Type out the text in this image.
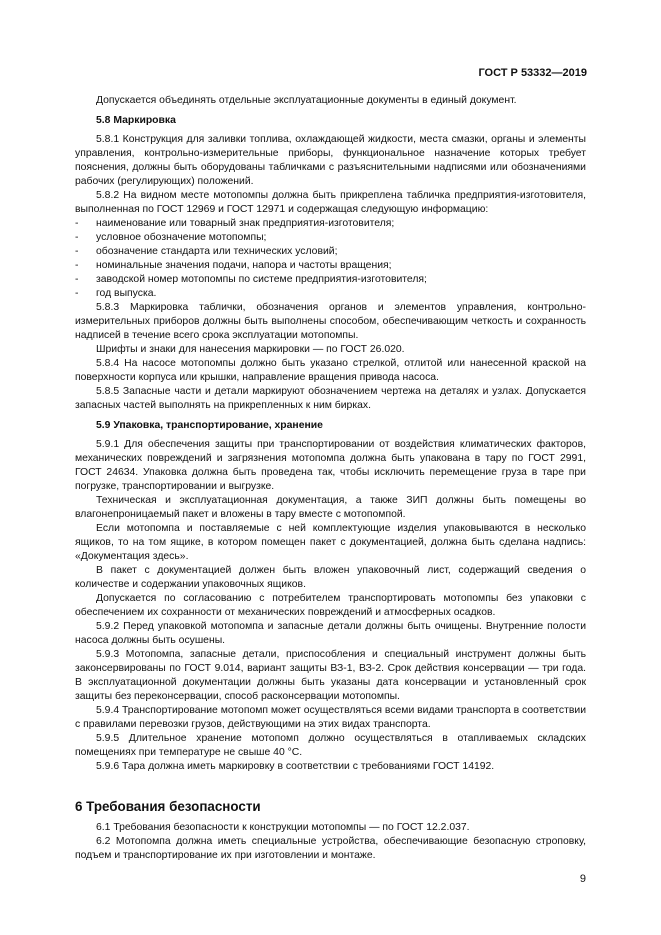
ГОСТ Р 53332—2019

Допускается объединять отдельные эксплуатационные документы в единый документ.

5.8 Маркировка

5.8.1 Конструкция для заливки топлива, охлаждающей жидкости, места смазки, органы и элементы управления, контрольно-измерительные приборы, функциональное назначение которых требует пояснения, должны быть оборудованы табличками с разъяснительными надписями или обозначениями рабочих (регулирующих) положений.

5.8.2 На видном месте мотопомпы должна быть прикреплена табличка предприятия-изготовителя, выполненная по ГОСТ 12969 и ГОСТ 12971 и содержащая следующую информацию:

- наименование или товарный знак предприятия-изготовителя;
- условное обозначение мотопомпы;
- обозначение стандарта или технических условий;
- номинальные значения подачи, напора и частоты вращения;
- заводской номер мотопомпы по системе предприятия-изготовителя;
- год выпуска.

5.8.3 Маркировка таблички, обозначения органов и элементов управления, контрольно-измерительных приборов должны быть выполнены способом, обеспечивающим четкость и сохранность надписей в течение всего срока эксплуатации мотопомпы.

Шрифты и знаки для нанесения маркировки — по ГОСТ 26.020.

5.8.4 На насосе мотопомпы должно быть указано стрелкой, отлитой или нанесенной краской на поверхности корпуса или крышки, направление вращения привода насоса.

5.8.5 Запасные части и детали маркируют обозначением чертежа на деталях и узлах. Допускается запасных частей выполнять на прикрепленных к ним бирках.

5.9 Упаковка, транспортирование, хранение

5.9.1 Для обеспечения защиты при транспортировании от воздействия климатических факторов, механических повреждений и загрязнения мотопомпа должна быть упакована в тару по ГОСТ 2991, ГОСТ 24634. Упаковка должна быть проведена так, чтобы исключить перемещение груза в таре при погрузке, транспортировании и выгрузке.

Техническая и эксплуатационная документация, а также ЗИП должны быть помещены во влагонепроницаемый пакет и вложены в тару вместе с мотопомпой.

Если мотопомпа и поставляемые с ней комплектующие изделия упаковываются в несколько ящиков, то на том ящике, в котором помещен пакет с документацией, должна быть сделана надпись: «Документация здесь».

В пакет с документацией должен быть вложен упаковочный лист, содержащий сведения о количестве и содержании упаковочных ящиков.

Допускается по согласованию с потребителем транспортировать мотопомпы без упаковки с обеспечением их сохранности от механических повреждений и атмосферных осадков.

5.9.2 Перед упаковкой мотопомпа и запасные детали должны быть очищены. Внутренние полости насоса должны быть осушены.

5.9.3 Мотопомпа, запасные детали, приспособления и специальный инструмент должны быть законсервированы по ГОСТ 9.014, вариант защиты ВЗ-1, ВЗ-2. Срок действия консервации — три года. В эксплуатационной документации должны быть указаны дата консервации и установленный срок защиты без переконсервации, способ расконсервации мотопомпы.

5.9.4 Транспортирование мотопомп может осуществляться всеми видами транспорта в соответствии с правилами перевозки грузов, действующими на этих видах транспорта.

5.9.5 Длительное хранение мотопомп должно осуществляться в отапливаемых складских помещениях при температуре не свыше 40 °С.

5.9.6 Тара должна иметь маркировку в соответствии с требованиями ГОСТ 14192.

6 Требования безопасности

6.1 Требования безопасности к конструкции мотопомпы — по ГОСТ 12.2.037.

6.2 Мотопомпа должна иметь специальные устройства, обеспечивающие безопасную строповку, подъем и транспортирование их при изготовлении и монтаже.

9
